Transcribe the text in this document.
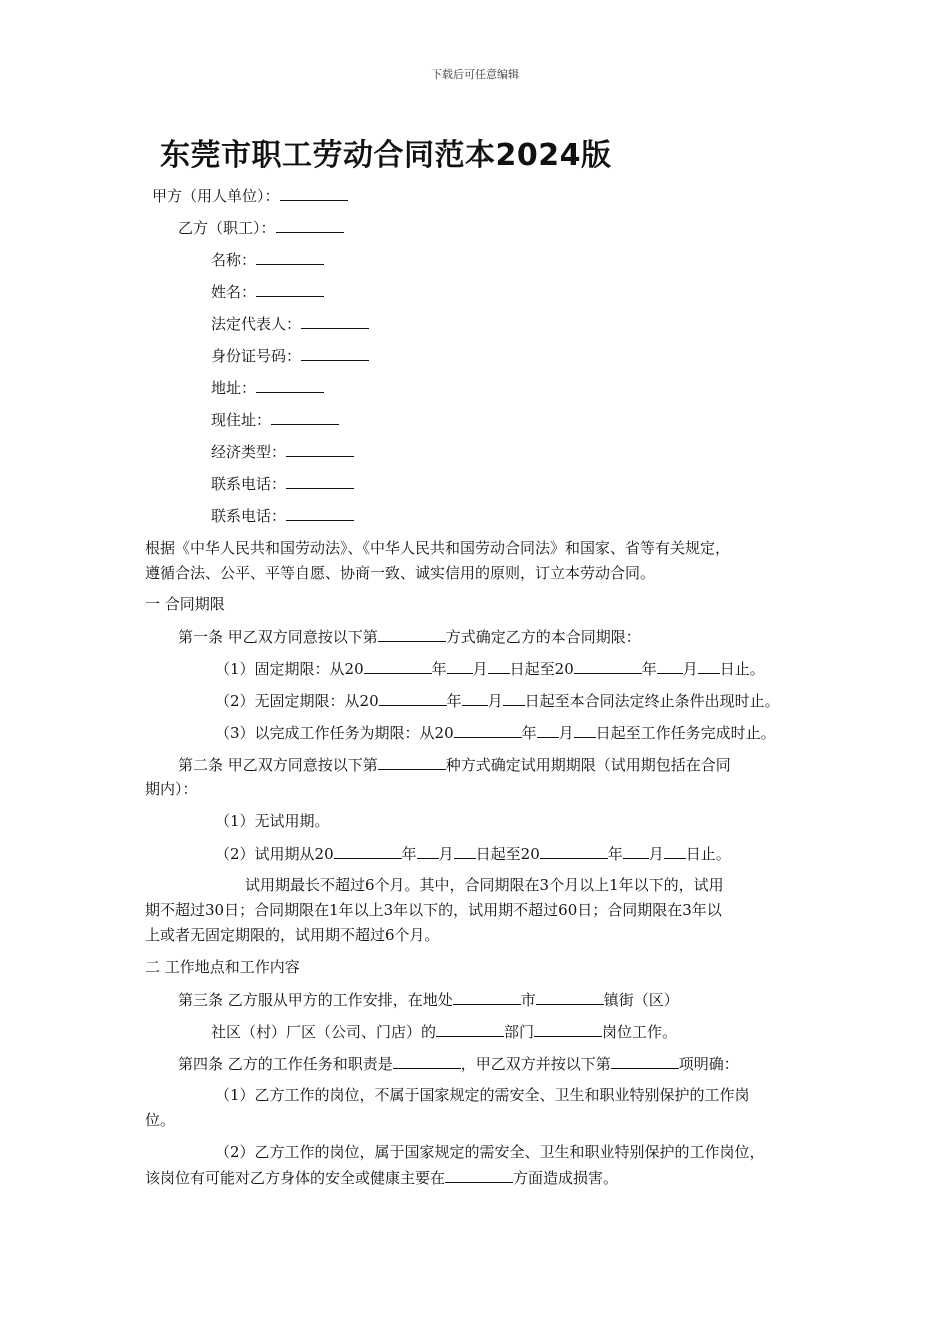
下载后可任意编辑
东莞市职工劳动合同范本2024版
甲方（用人单位）：
乙方（职工）：
名称：
姓名：
法定代表人：
身份证号码：
地址：
现住址：
经济类型：
联系电话：
联系电话：
根据《中华人民共和国劳动法》、《中华人民共和国劳动合同法》和国家、省等有关规定，
遵循合法、公平、平等自愿、协商一致、诚实信用的原则，订立本劳动合同。
一 合同期限
第一条 甲乙双方同意按以下第	方式确定乙方的本合同期限：
（1）固定期限：从20	年 月 日起至20	年 月 日止。
（2）无固定期限：从20	年 月 日起至本合同法定终止条件出现时止。
（3）以完成工作任务为期限：从20	年 月 日起至工作任务完成时止。
第二条 甲乙双方同意按以下第	种方式确定试用期期限（试用期包括在合同
期内）：
（1）无试用期。
（2）试用期从20	年 月 日起至20	年 月 日止。
试用期最长不超过6个月。其中，合同期限在3个月以上1年以下的，试用
期不超过30日；合同期限在1年以上3年以下的，试用期不超过60日；合同期限在3年以
上或者无固定期限的，试用期不超过6个月。
二 工作地点和工作内容
第三条 乙方服从甲方的工作安排，在地处	市	镇街（区）
社区（村）厂区（公司、门店）的	部门	岗位工作。
第四条 乙方的工作任务和职责是	，甲乙双方并按以下第	项明确：
（1）乙方工作的岗位，不属于国家规定的需安全、卫生和职业特别保护的工作岗
位。
（2）乙方工作的岗位，属于国家规定的需安全、卫生和职业特别保护的工作岗位，
该岗位有可能对乙方身体的安全或健康主要在	方面造成损害。
